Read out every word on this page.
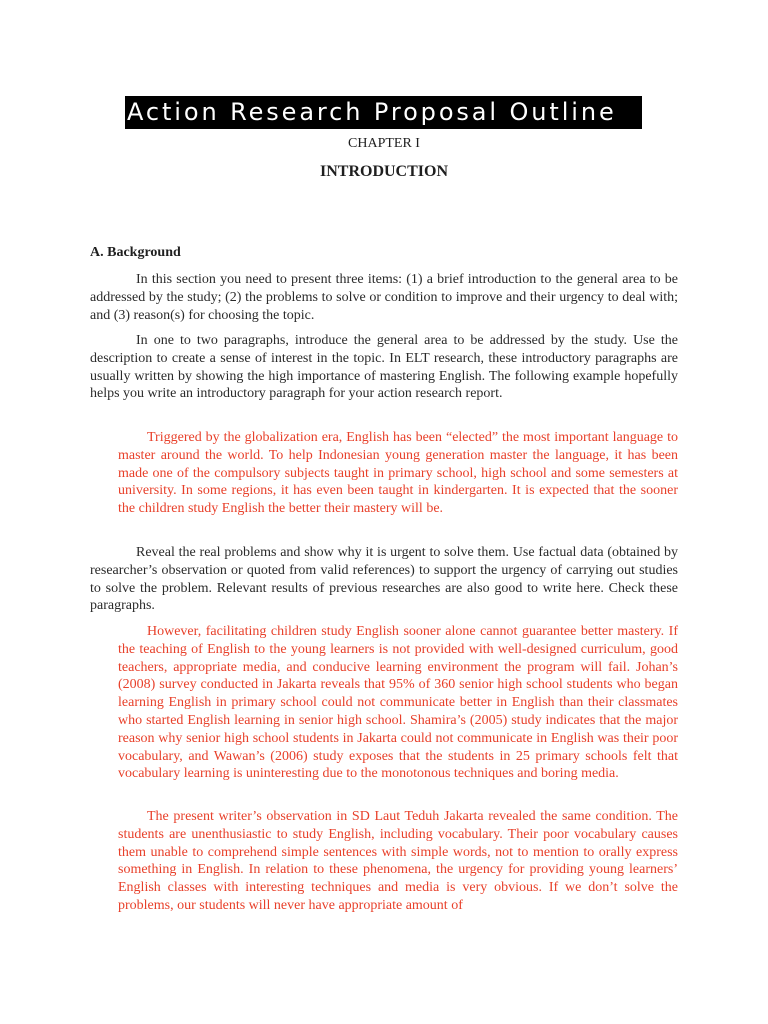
Action Research Proposal Outline
CHAPTER I
INTRODUCTION
A. Background

In this section you need to present three items: (1) a brief introduction to the general area to be addressed by the study; (2) the problems to solve or condition to improve and their urgency to deal with; and (3) reason(s) for choosing the topic.

In one to two paragraphs, introduce the general area to be addressed by the study. Use the description to create a sense of interest in the topic. In ELT research, these introductory paragraphs are usually written by showing the high importance of mastering English. The following example hopefully helps you write an introductory paragraph for your action research report.

Triggered by the globalization era, English has been “elected” the most important language to master around the world. To help Indonesian young generation master the language, it has been made one of the compulsory subjects taught in primary school, high school and some semesters at university. In some regions, it has even been taught in kindergarten. It is expected that the sooner the children study English the better their mastery will be.

Reveal the real problems and show why it is urgent to solve them. Use factual data (obtained by researcher’s observation or quoted from valid references) to support the urgency of carrying out studies to solve the problem. Relevant results of previous researches are also good to write here. Check these paragraphs.

However, facilitating children study English sooner alone cannot guarantee better mastery. If the teaching of English to the young learners is not provided with well-designed curriculum, good teachers, appropriate media, and conducive learning environment the program will fail. Johan’s (2008) survey conducted in Jakarta reveals that 95% of 360 senior high school students who began learning English in primary school could not communicate better in English than their classmates who started English learning in senior high school. Shamira’s (2005) study indicates that the major reason why senior high school students in Jakarta could not communicate in English was their poor vocabulary, and Wawan’s (2006) study exposes that the students in 25 primary schools felt that vocabulary learning is uninteresting due to the monotonous techniques and boring media.

The present writer’s observation in SD Laut Teduh Jakarta revealed the same condition. The students are unenthusiastic to study English, including vocabulary. Their poor vocabulary causes them unable to comprehend simple sentences with simple words, not to mention to orally express something in English. In relation to these phenomena, the urgency for providing young learners’ English classes with interesting techniques and media is very obvious. If we don’t solve the problems, our students will never have appropriate amount of
